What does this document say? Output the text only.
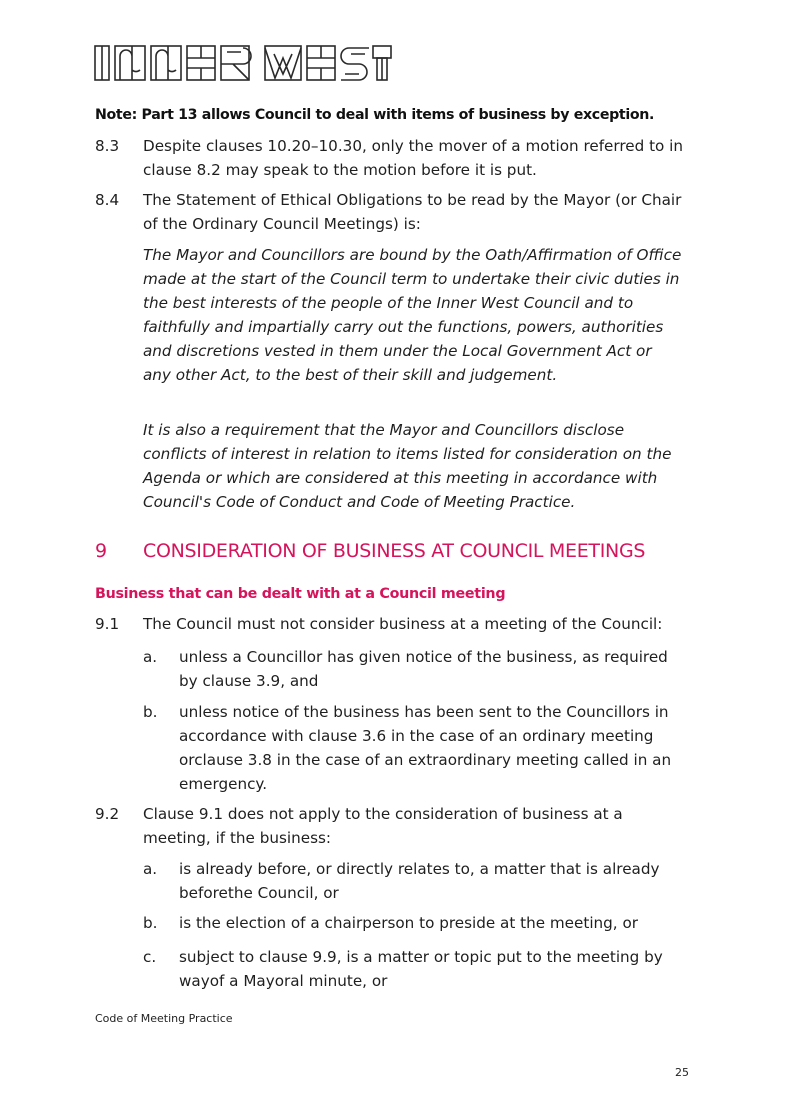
Note: Part 13 allows Council to deal with items of business by exception.
8.3 Despite clauses 10.20–10.30, only the mover of a motion referred to in clause 8.2 may speak to the motion before it is put.
8.4 The Statement of Ethical Obligations to be read by the Mayor (or Chair of the Ordinary Council Meetings) is:
The Mayor and Councillors are bound by the Oath/Affirmation of Office made at the start of the Council term to undertake their civic duties in the best interests of the people of the Inner West Council and to faithfully and impartially carry out the functions, powers, authorities and discretions vested in them under the Local Government Act or any other Act, to the best of their skill and judgement.
It is also a requirement that the Mayor and Councillors disclose conflicts of interest in relation to items listed for consideration on the Agenda or which are considered at this meeting in accordance with Council's Code of Conduct and Code of Meeting Practice.
9 CONSIDERATION OF BUSINESS AT COUNCIL MEETINGS
Business that can be dealt with at a Council meeting
9.1 The Council must not consider business at a meeting of the Council:
a. unless a Councillor has given notice of the business, as required by clause 3.9, and
b. unless notice of the business has been sent to the Councillors in accordance with clause 3.6 in the case of an ordinary meeting orclause 3.8 in the case of an extraordinary meeting called in an emergency.
9.2 Clause 9.1 does not apply to the consideration of business at a meeting, if the business:
a. is already before, or directly relates to, a matter that is already beforethe Council, or
b. is the election of a chairperson to preside at the meeting, or
c. subject to clause 9.9, is a matter or topic put to the meeting by wayof a Mayoral minute, or
Code of Meeting Practice
25
